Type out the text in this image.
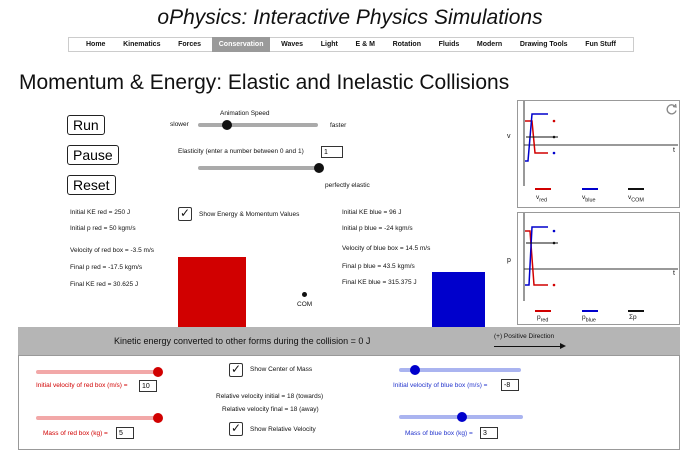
oPhysics: Interactive Physics Simulations
Home	Kinematics	Forces	Conservation	Waves	Light	E & M	Rotation	Fluids	Modern	Drawing Tools	Fun Stuff
Momentum & Energy: Elastic and Inelastic Collisions
Run
Pause
Reset
Animation Speed
slower	faster
Elasticity (enter a number between 0 and 1)
1
perfectly elastic
✓	Show Energy & Momentum Values
Initial KE red = 250 J
Initial p red = 50 kgm/s
Velocity of red box = -3.5 m/s
Final p red = -17.5 kgm/s
Final KE red = 30.625 J
Initial KE blue = 96 J
Initial p blue = -24 kgm/s
Velocity of blue box = 14.5 m/s
Final p blue = 43.5 kgm/s
Final KE blue = 315.375 J
COM
v
t
$v_{red}$	$v_{blue}$	$v_{COM}$
p
t
$p_{red}$	$p_{blue}$	Σp
Kinetic energy converted to other forms during the collision = 0 J	(+) Positive Direction
Initial velocity of red box (m/s) =
10
Mass of red box (kg) =
5
✓	Show Center of Mass
Relative velocity initial = 18 (towards)
Relative velocity final = 18 (away)
✓	Show Relative Velocity
Initial velocity of blue box (m/s) =
-8
Mass of blue box (kg) =
3
